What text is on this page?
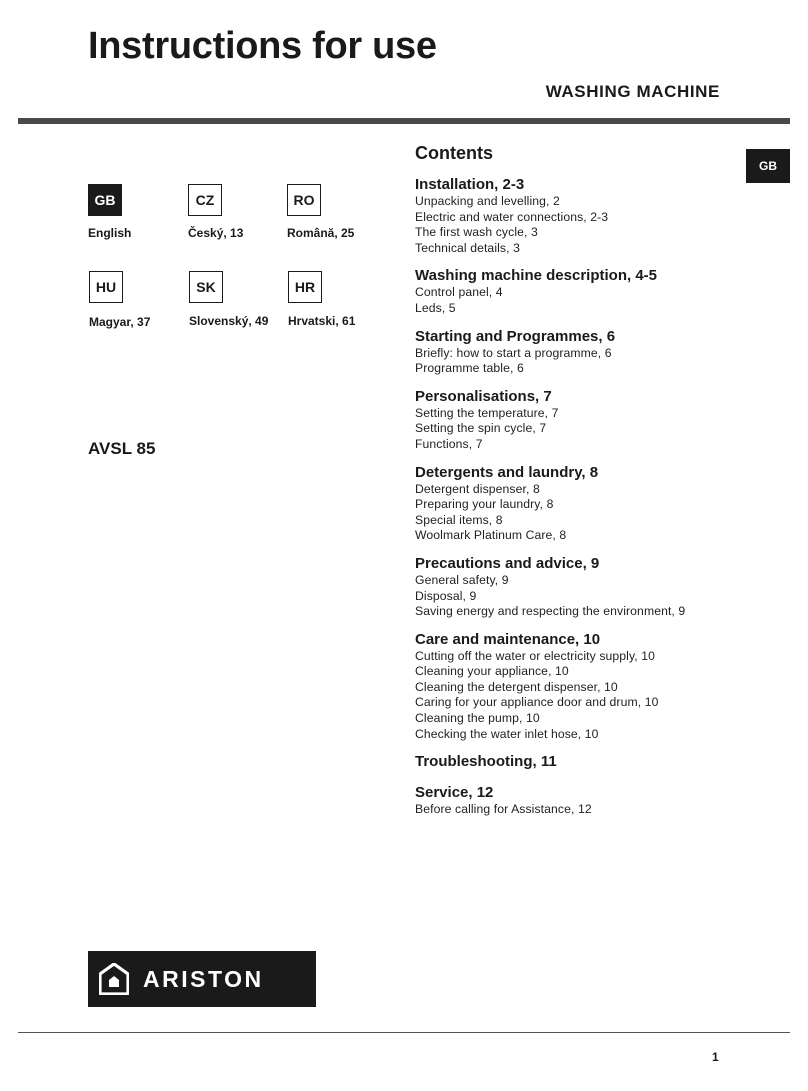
Instructions for use
WASHING MACHINE
GB
GB
English
CZ
Český, 13
RO
Română, 25
HU
Magyar, 37
SK
Slovenský, 49
HR
Hrvatski, 61
AVSL 85
Contents

Installation, 2-3

Unpacking and levelling, 2

Electric and water connections, 2-3

The first wash cycle, 3

Technical details, 3

Washing machine description, 4-5

Control panel, 4

Leds, 5

Starting and Programmes, 6

Briefly: how to start a programme, 6

Programme table, 6

Personalisations, 7

Setting the temperature, 7

Setting the spin cycle, 7

Functions, 7

Detergents and laundry, 8

Detergent dispenser, 8

Preparing your laundry, 8

Special items, 8

Woolmark Platinum Care, 8

Precautions and advice, 9

General safety, 9

Disposal, 9

Saving energy and respecting the environment, 9

Care and maintenance, 10

Cutting off the water or electricity supply, 10

Cleaning your appliance, 10

Cleaning the detergent dispenser, 10

Caring for your appliance door and drum, 10

Cleaning the pump, 10

Checking the water inlet hose, 10

Troubleshooting, 11

Service, 12

Before calling for Assistance, 12

ARISTON
1
